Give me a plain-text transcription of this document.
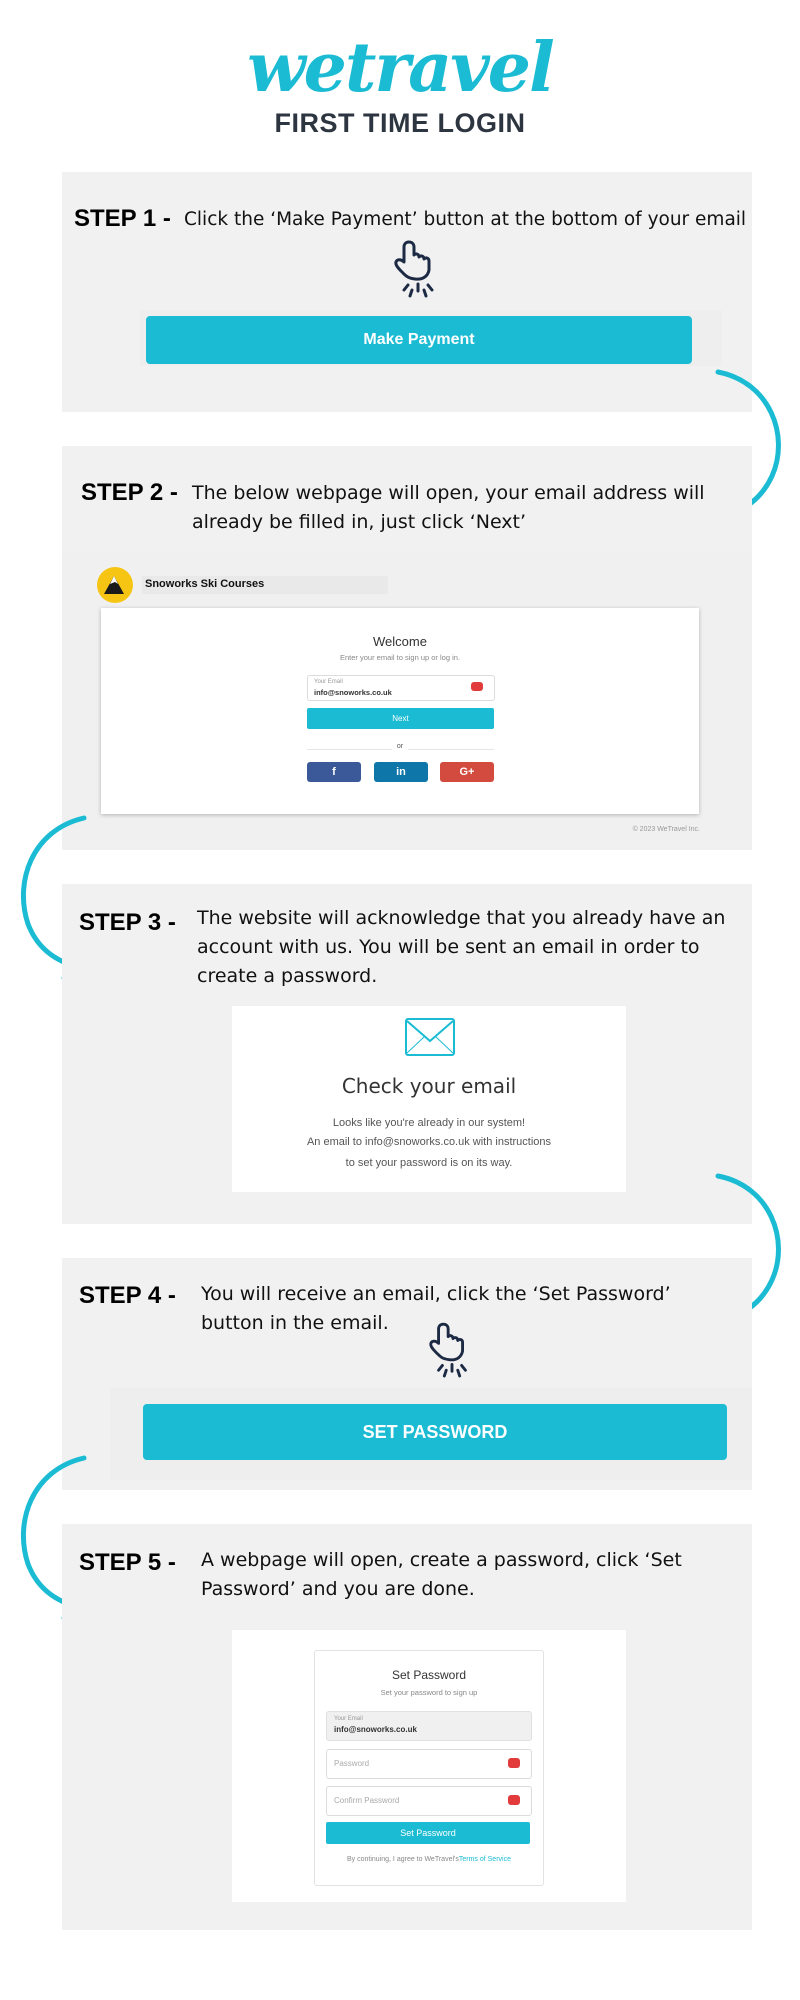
wetravel
FIRST TIME LOGIN
STEP 1 - Click the ‘Make Payment’ button at the bottom of your email
Make Payment
STEP 2 - The below webpage will open, your email address will already be filled in, just click ‘Next’
Snoworks Ski Courses
Welcome
Enter your email to sign up or log in.
Your Email
info@snoworks.co.uk
Next
or
f	in	G+
© 2023 WeTravel Inc.
STEP 3 - The website will acknowledge that you already have an account with us. You will be sent an email in order to create a password.
Check your email
Looks like you're already in our system!
An email to info@snoworks.co.uk with instructions
to set your password is on its way.
STEP 4 - You will receive an email, click the ‘Set Password’ button in the email.
SET PASSWORD
STEP 5 - A webpage will open, create a password, click ‘Set Password’ and you are done.
Set Password
Set your password to sign up
Your Email
info@snoworks.co.uk
Password
Confirm Password
Set Password
By continuing, I agree to WeTravel'sTerms of Service
